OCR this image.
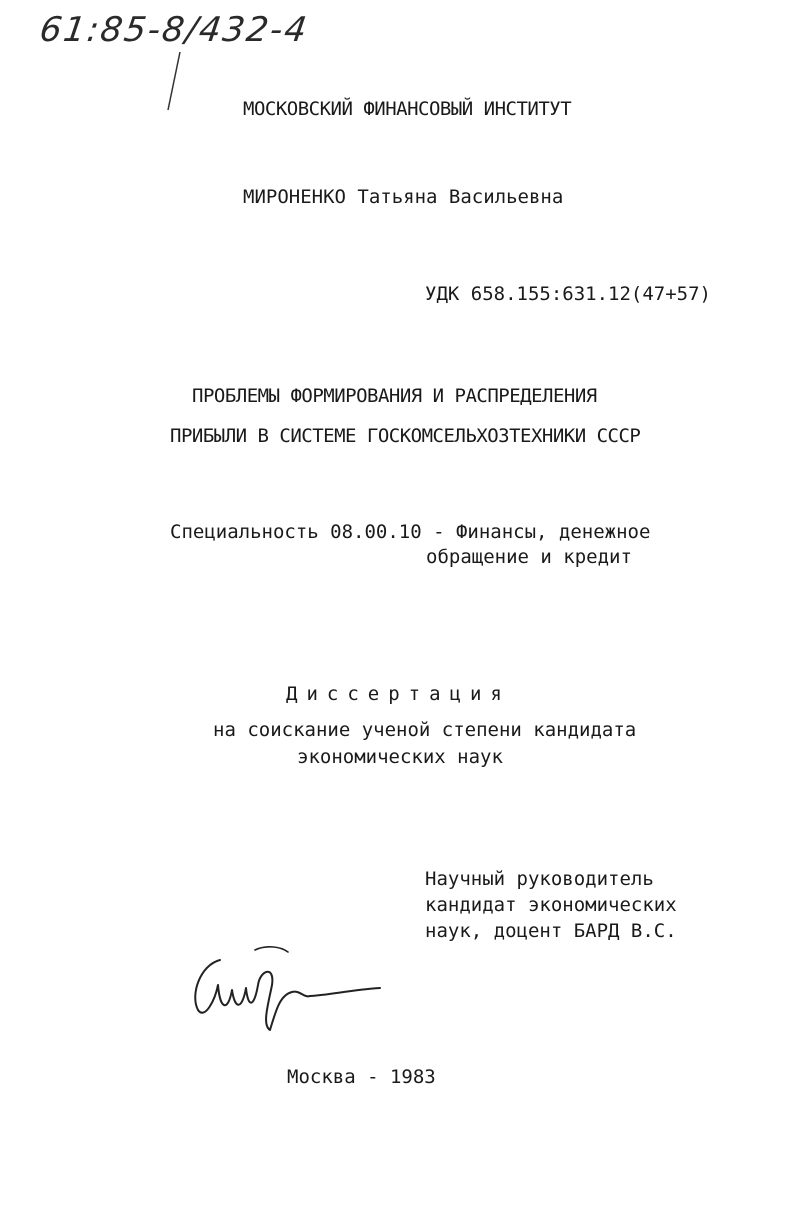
61:85-8/432-4
МОСКОВСКИЙ ФИНАНСОВЫЙ ИНСТИТУТ
МИРОНЕНКО Татьяна Васильевна
УДК 658.155:631.12(47+57)
ПРОБЛЕМЫ ФОРМИРОВАНИЯ И РАСПРЕДЕЛЕНИЯ
ПРИБЫЛИ В СИСТЕМЕ ГОСКОМСЕЛЬХОЗТЕХНИКИ СССР
Специальность 08.00.10 - Финансы, денежное
обращение и кредит
Диссертация
на соискание ученой степени кандидата
экономических наук
Научный руководитель
кандидат экономических
наук, доцент БАРД В.С.
Москва - 1983
